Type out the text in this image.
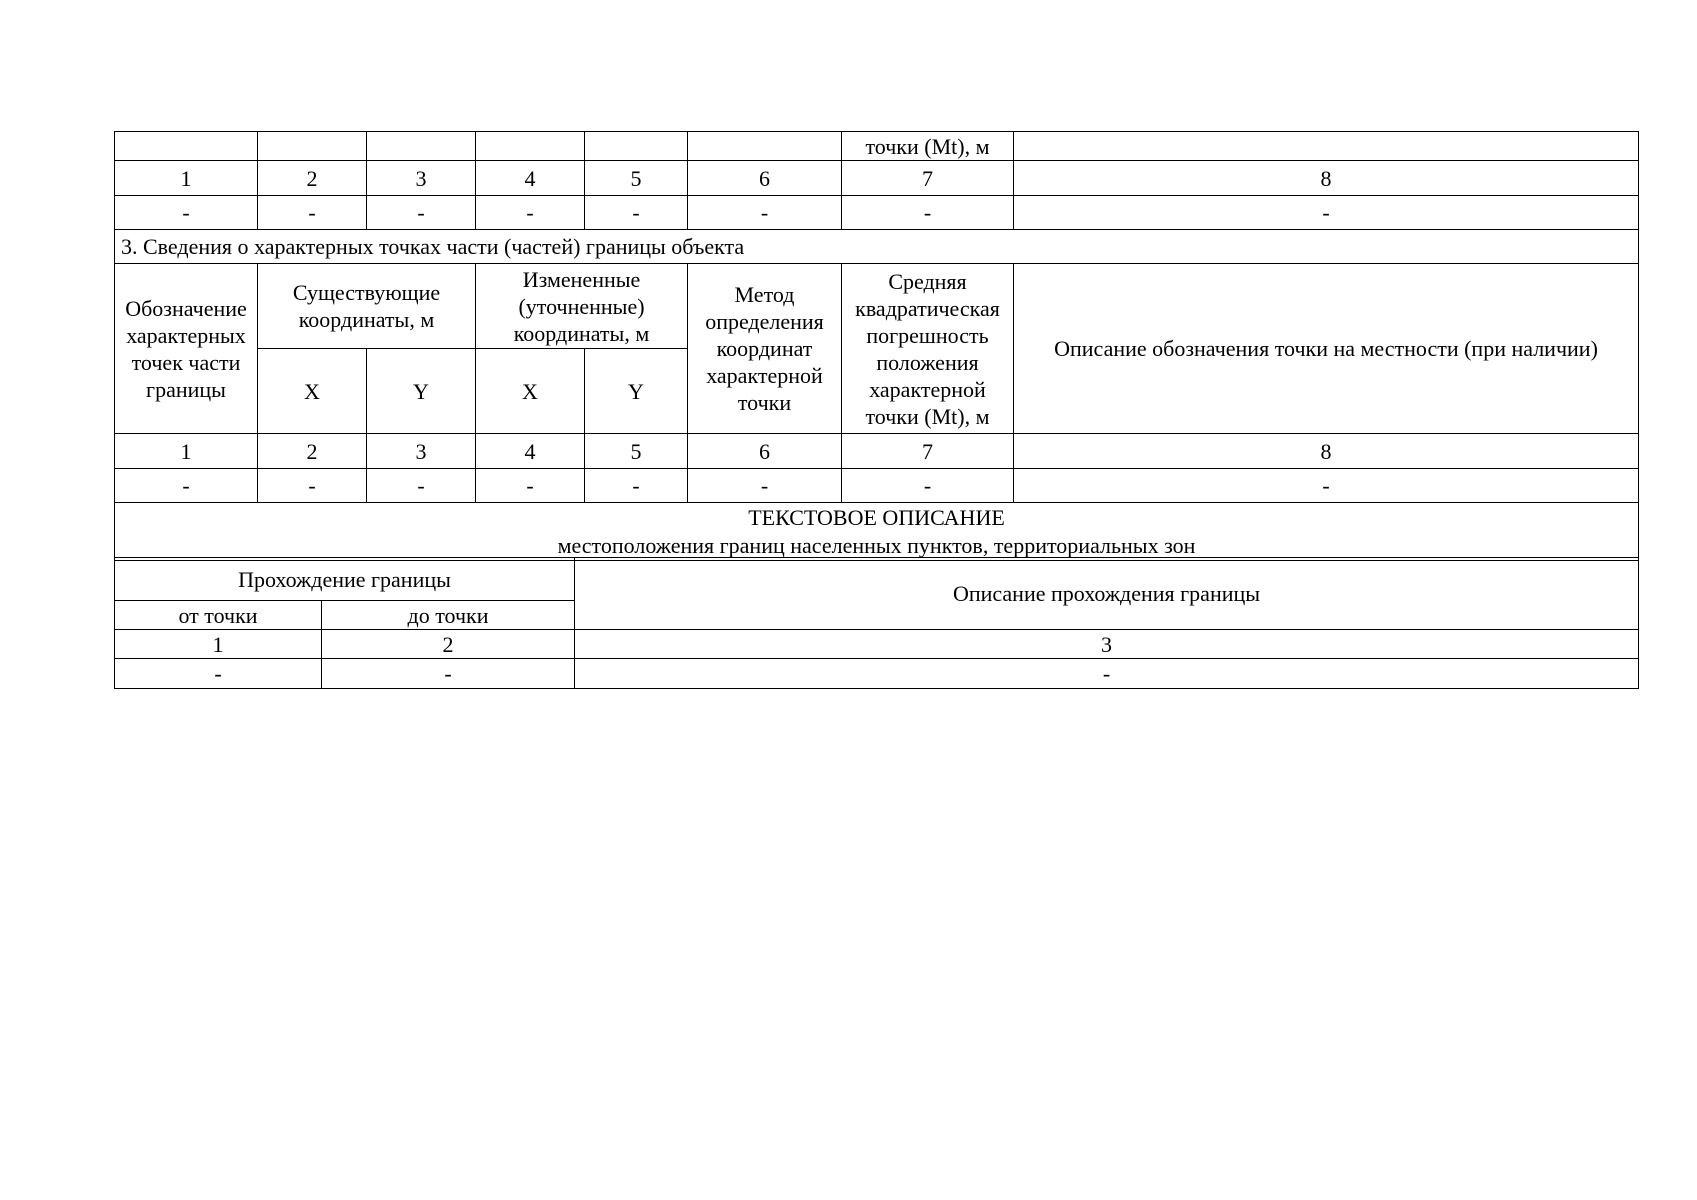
						точки (Mt), м	
1	2	3	4	5	6	7	8
-	-	-	-	-	-	-	-
3. Сведения о характерных точках части (частей) границы объекта							
Обозначение характерных точек части границы	Существующие координаты, м		Измененные (уточненные) координаты, м		Метод определения координат характерной точки	Средняя квадратическая погрешность положения характерной точки (Mt), м	Описание обозначения точки на местности (при наличии)
	X	Y	X	Y			
1	2	3	4	5	6	7	8
-	-	-	-	-	-	-	-

ТЕКСТОВОЕ ОПИСАНИЕ
местоположения границ населенных пунктов, территориальных зон							
Прохождение границы		Описание прохождения границы
от точки	до точки	
1	2	3
-	-	-
